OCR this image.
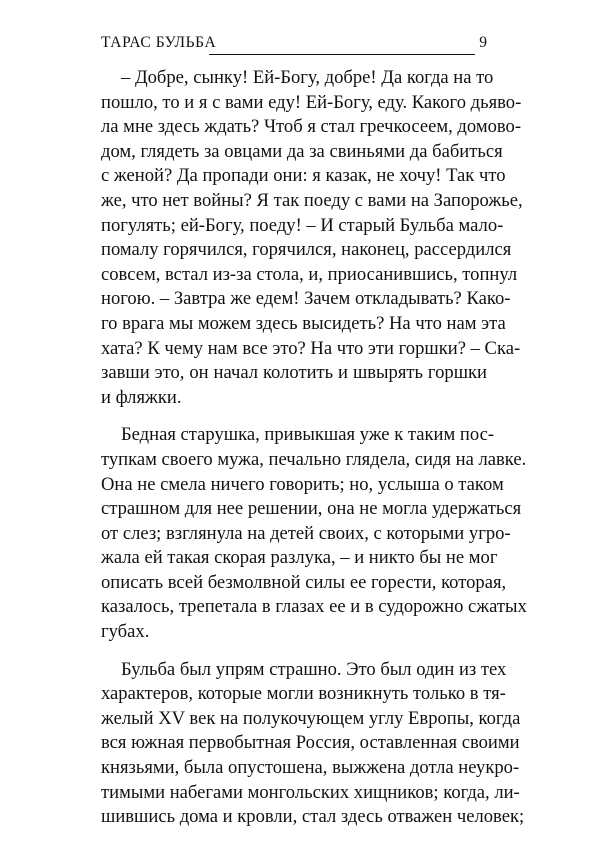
ТАРАС БУЛЬБА	9
– Добре, сынку! Ей-Богу, добре! Да когда на то
пошло, то и я с вами еду! Ей-Богу, еду. Какого дьяво-
ла мне здесь ждать? Чтоб я стал гречкосеем, домово-
дом, глядеть за овцами да за свиньями да бабиться
с женой? Да пропади они: я казак, не хочу! Так что
же, что нет войны? Я так поеду с вами на Запорожье,
погулять; ей-Богу, поеду! – И старый Бульба мало-
помалу горячился, горячился, наконец, рассердился
совсем, встал из-за стола, и, приосанившись, топнул
ногою. – Завтра же едем! Зачем откладывать? Како-
го врага мы можем здесь высидеть? На что нам эта
хата? К чему нам все это? На что эти горшки? – Ска-
завши это, он начал колотить и швырять горшки
и фляжки.
Бедная старушка, привыкшая уже к таким пос-
тупкам своего мужа, печально глядела, сидя на лавке.
Она не смела ничего говорить; но, услыша о таком
страшном для нее решении, она не могла удержаться
от слез; взглянула на детей своих, с которыми угро-
жала ей такая скорая разлука, – и никто бы не мог
описать всей безмолвной силы ее горести, которая,
казалось, трепетала в глазах ее и в судорожно сжатых
губах.
Бульба был упрям страшно. Это был один из тех
характеров, которые могли возникнуть только в тя-
желый XV век на полукочующем углу Европы, когда
вся южная первобытная Россия, оставленная своими
князьями, была опустошена, выжжена дотла неукро-
тимыми набегами монгольских хищников; когда, ли-
шившись дома и кровли, стал здесь отважен человек;
